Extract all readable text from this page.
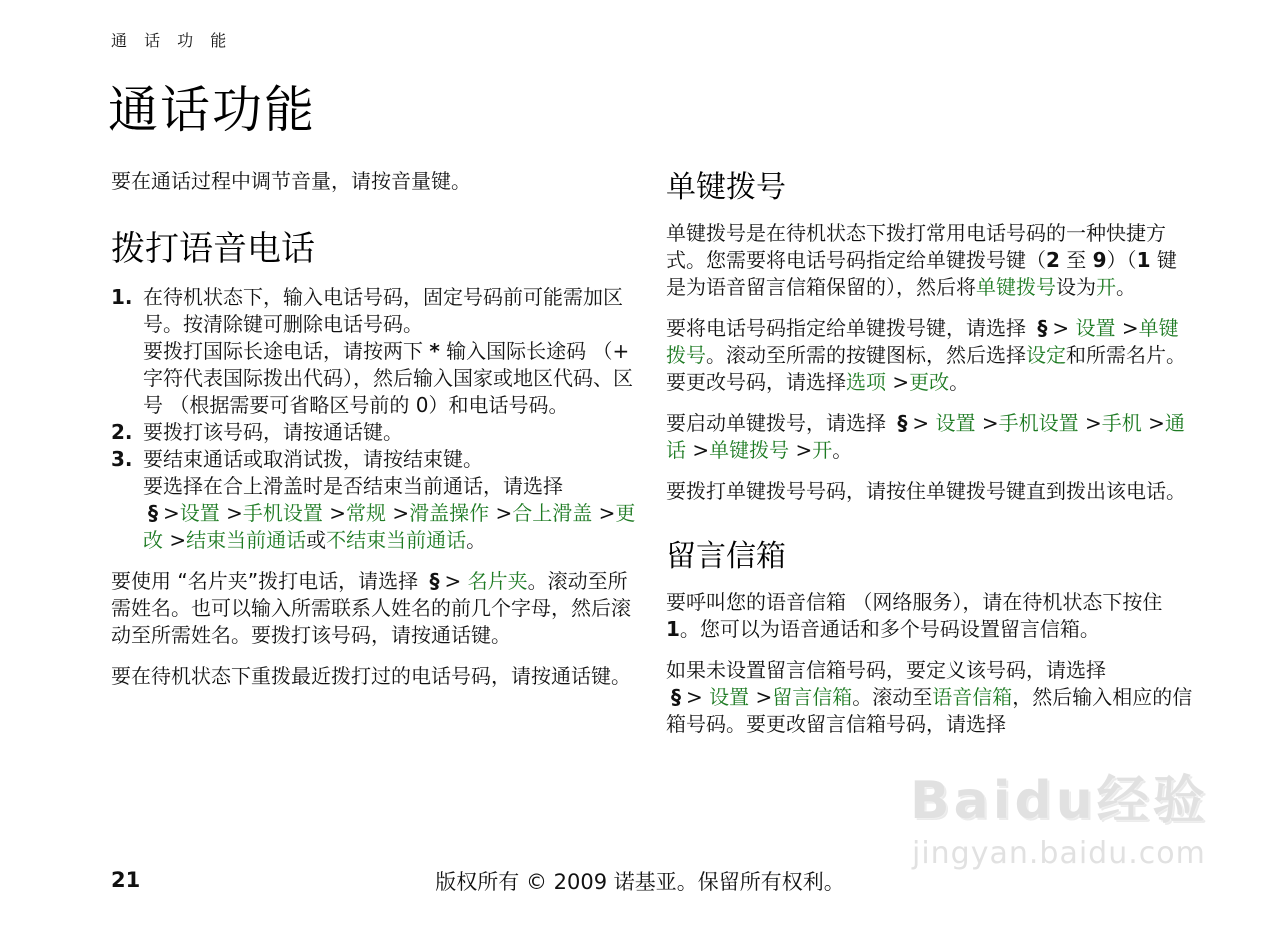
通 话 功 能
通话功能

要在通话过程中调节音量，请按音量键。

拨打语音电话
1. 在待机状态下，输入电话号码，固定号码前可能需加区号。按清除键可删除电话号码。
要拨打国际长途电话，请按两下 * 输入国际长途码 （+ 字符代表国际拨出代码），然后输入国家或地区代码、区号 （根据需要可省略区号前的 0）和电话号码。
2. 要拨打该号码，请按通话键。
3. 要结束通话或取消试拨，请按结束键。
要选择在合上滑盖时是否结束当前通话，请选择
§ >设置 >手机设置 >常规 >滑盖操作 >合上滑盖 >更改 >结束当前通话或不结束当前通话。

要使用 “名片夹”拨打电话，请选择 § > 名片夹。滚动至所需姓名。也可以输入所需联系人姓名的前几个字母，然后滚动至所需姓名。要拨打该号码，请按通话键。

要在待机状态下重拨最近拨打过的电话号码，请按通话键。

单键拨号

单键拨号是在待机状态下拨打常用电话号码的一种快捷方式。您需要将电话号码指定给单键拨号键（2 至 9）（1 键是为语音留言信箱保留的），然后将单键拨号设为开。

要将电话号码指定给单键拨号键，请选择 § > 设置 >单键拨号。滚动至所需的按键图标，然后选择设定和所需名片。要更改号码，请选择选项 >更改。

要启动单键拨号，请选择 § > 设置 >手机设置 >手机 >通话 >单键拨号 >开。

要拨打单键拨号号码，请按住单键拨号键直到拨出该电话。

留言信箱

要呼叫您的语音信箱 （网络服务），请在待机状态下按住 1。您可以为语音通话和多个号码设置留言信箱。

如果未设置留言信箱号码，要定义该号码，请选择
§ > 设置 >留言信箱。滚动至语音信箱，然后输入相应的信箱号码。要更改留言信箱号码，请选择

Baidu经验
jingyan.baidu.com
21	版权所有 © 2009 诺基亚。保留所有权利。
